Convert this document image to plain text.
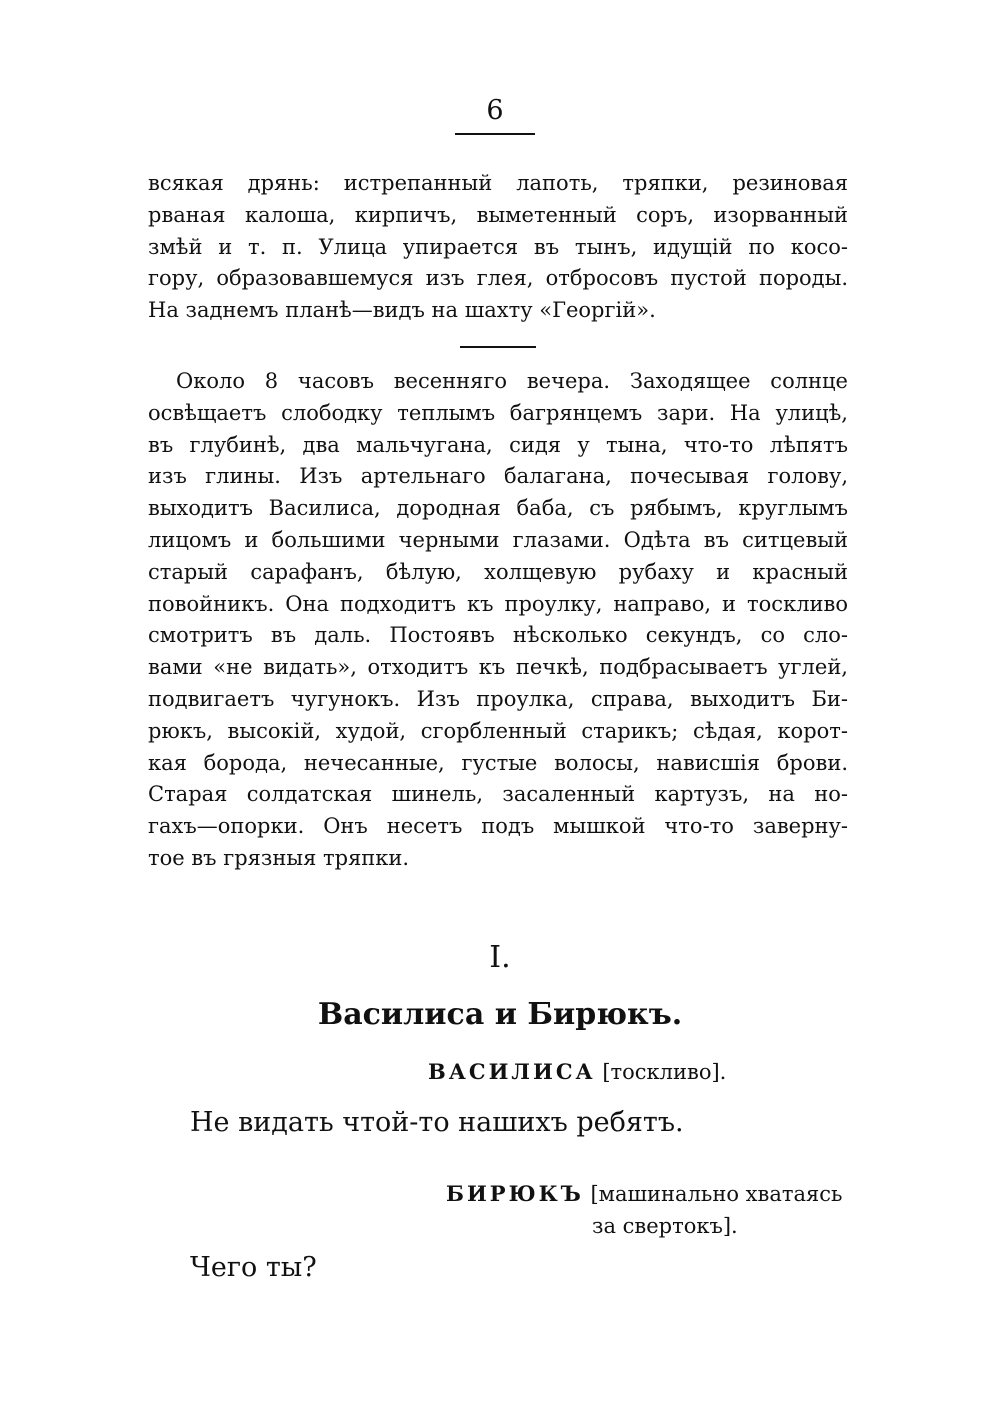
6
всякая дрянь: истрепанный лапоть, тряпки, резиновая
рваная калоша, кирпичъ, выметенный соръ, изорванный
змѣй и т. п. Улица упирается въ тынъ, идущій по косо-
гору, образовавшемуся изъ глея, отбросовъ пустой породы.
На заднемъ планѣ—видъ на шахту «Георгій».
Около 8 часовъ весенняго вечера. Заходящее солнце
освѣщаетъ слободку теплымъ багрянцемъ зари. На улицѣ,
въ глубинѣ, два мальчугана, сидя у тына, что-то лѣпятъ
изъ глины. Изъ артельнаго балагана, почесывая голову,
выходитъ Василиса, дородная баба, съ рябымъ, круглымъ
лицомъ и большими черными глазами. Одѣта въ ситцевый
старый сарафанъ, бѣлую, холщевую рубаху и красный
повойникъ. Она подходитъ къ проулку, направо, и тоскливо
смотритъ въ даль. Постоявъ нѣсколько секундъ, со сло-
вами «не видать», отходитъ къ печкѣ, подбрасываетъ углей,
подвигаетъ чугунокъ. Изъ проулка, справа, выходитъ Би-
рюкъ, высокій, худой, сгорбленный старикъ; сѣдая, корот-
кая борода, нечесанные, густые волосы, нависшія брови.
Старая солдатская шинель, засаленный картузъ, на но-
гахъ—опорки. Онъ несетъ подъ мышкой что-то заверну-
тое въ грязныя тряпки.
I.
Василиса и Бирюкъ.
ВАСИЛИСА [тоскливо].
Не видать чтой-то нашихъ ребятъ.
БИРЮКЪ [машинально хватаясь
за свертокъ].
Чего ты?
